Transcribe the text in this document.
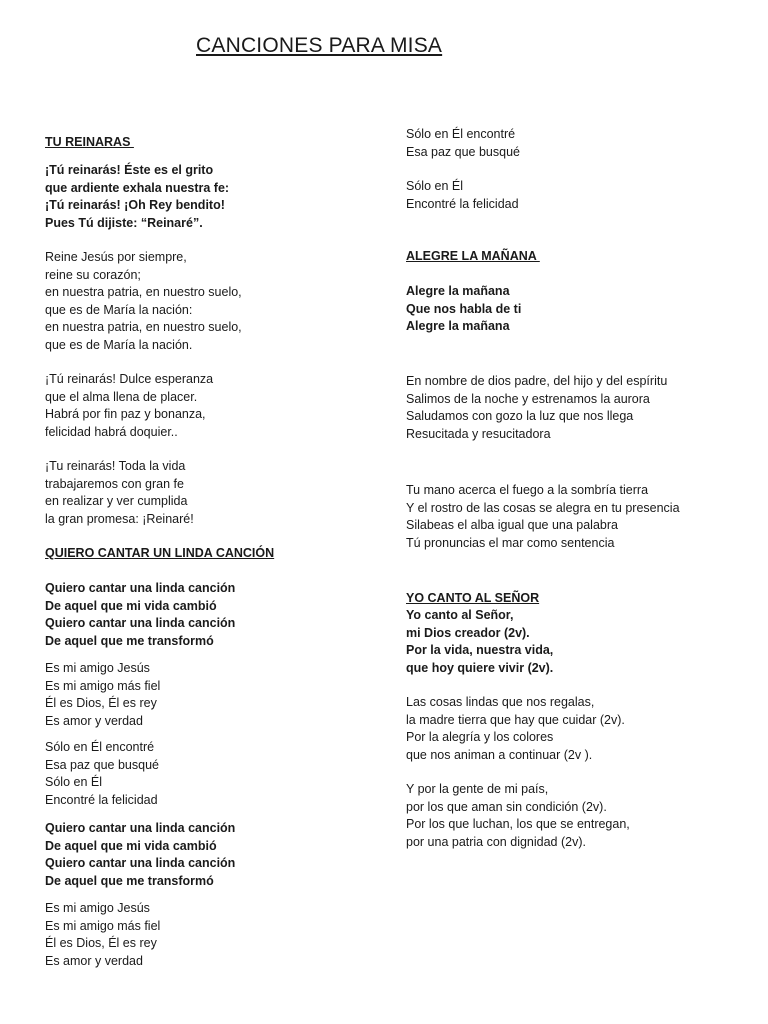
CANCIONES PARA MISA
TU REINARAS
¡Tú reinarás! Éste es el grito
que ardiente exhala nuestra fe:
¡Tú reinarás! ¡Oh Rey bendito!
Pues Tú dijiste: “Reinaré”.
Reine Jesús por siempre,
reine su corazón;
en nuestra patria, en nuestro suelo,
que es de María la nación:
en nuestra patria, en nuestro suelo,
que es de María la nación.
¡Tú reinarás! Dulce esperanza
que el alma llena de placer.
Habrá por fin paz y bonanza,
felicidad habrá doquier..
¡Tu reinarás! Toda la vida
trabajaremos con gran fe
en realizar y ver cumplida
la gran promesa: ¡Reinaré!
QUIERO CANTAR UN LINDA CANCIÓN
Quiero cantar una linda canción
De aquel que mi vida cambió
Quiero cantar una linda canción
De aquel que me transformó
Es mi amigo Jesús
Es mi amigo más fiel
Él es Dios, Él es rey
Es amor y verdad
Sólo en Él encontré
Esa paz que busqué
Sólo en Él
Encontré la felicidad
Quiero cantar una linda canción
De aquel que mi vida cambió
Quiero cantar una linda canción
De aquel que me transformó
Es mi amigo Jesús
Es mi amigo más fiel
Él es Dios, Él es rey
Es amor y verdad
Sólo en Él encontré
Esa paz que busqué
Sólo en Él
Encontré la felicidad
ALEGRE LA MAÑANA
Alegre la mañana
Que nos habla de ti
Alegre la mañana
En nombre de dios padre, del hijo y del espíritu
Salimos de la noche y estrenamos la aurora
Saludamos con gozo la luz que nos llega
Resucitada y resucitadora
Tu mano acerca el fuego a la sombría tierra
Y el rostro de las cosas se alegra en tu presencia
Silabeas el alba igual que una palabra
Tú pronuncias el mar como sentencia
YO CANTO AL SEÑOR
Yo canto al Señor,
mi Dios creador (2v).
Por la vida, nuestra vida,
que hoy quiere vivir (2v).
Las cosas lindas que nos regalas,
la madre tierra que hay que cuidar (2v).
Por la alegría y los colores
que nos animan a continuar (2v ).
Y por la gente de mi país,
por los que aman sin condición (2v).
Por los que luchan, los que se entregan,
por una patria con dignidad (2v).
